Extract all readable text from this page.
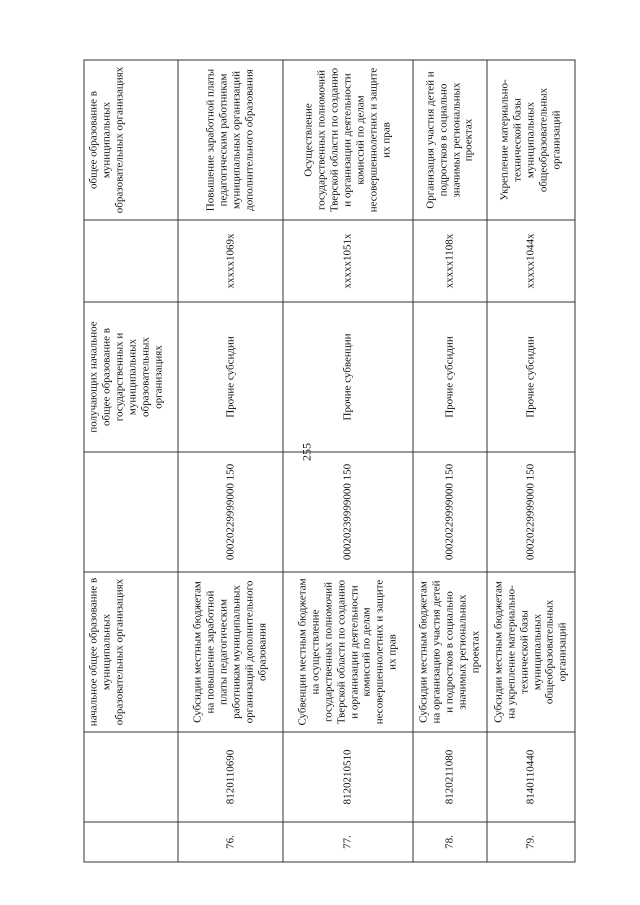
255
		начальное общее образование в муниципальных образовательных организациях		получающих начальное общее образование в государственных и муниципальных образовательных организациях		общее образование в муниципальных образовательных организациях
76.	8120110690	Субсидии местным бюджетам на повышение заработной платы педагогическим работникам муниципальных организаций дополнительного образования	00020229999000 150	Прочие субсидии	xxxxx1069x	Повышение заработной платы педагогическим работникам муниципальных организаций дополнительного образования
77.	8120210510	Субвенции местным бюджетам на осуществление государственных полномочий Тверской области по созданию и организации деятельности комиссий по делам несовершеннолетних и защите их прав	00020239999000 150	Прочие субвенции	xxxxx1051x	Осуществление государственных полномочий Тверской области по созданию и организации деятельности комиссий по делам несовершеннолетних и защите их прав
78.	8120211080	Субсидии местным бюджетам на организацию участия детей и подростков в социально значимых региональных проектах	00020229999000 150	Прочие субсидии	xxxxx1108x	Организация участия детей и подростков в социально значимых региональных проектах
79.	8140110440	Субсидии местным бюджетам на укрепление материально-технической базы муниципальных общеобразовательных организаций	00020229999000 150	Прочие субсидии	xxxxx1044x	Укрепление материально-технической базы муниципальных общеобразовательных организаций
